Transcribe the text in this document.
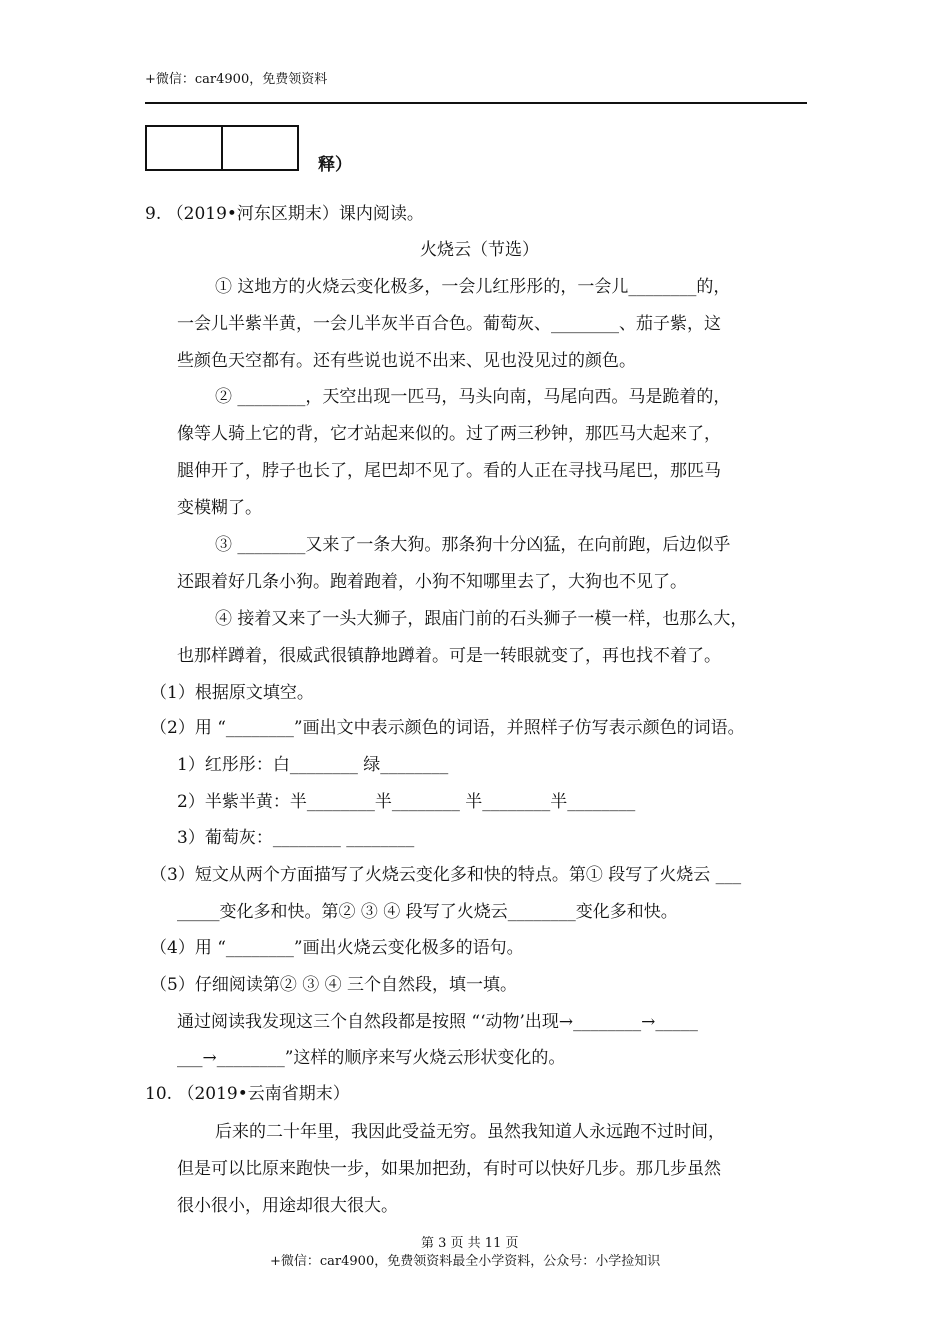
+微信：car4900，免费领资料
释）
9. （2019•河东区期末）课内阅读。
火烧云（节选）
① 这地方的火烧云变化极多，一会儿红彤彤的，一会儿________的，
一会儿半紫半黄，一会儿半灰半百合色。葡萄灰、________、茄子紫，这
些颜色天空都有。还有些说也说不出来、见也没见过的颜色。
② ________，天空出现一匹马，马头向南，马尾向西。马是跪着的，
像等人骑上它的背，它才站起来似的。过了两三秒钟，那匹马大起来了，
腿伸开了，脖子也长了，尾巴却不见了。看的人正在寻找马尾巴，那匹马
变模糊了。
③ ________又来了一条大狗。那条狗十分凶猛，在向前跑，后边似乎
还跟着好几条小狗。跑着跑着，小狗不知哪里去了，大狗也不见了。
④ 接着又来了一头大狮子，跟庙门前的石头狮子一模一样，也那么大，
也那样蹲着，很威武很镇静地蹲着。可是一转眼就变了，再也找不着了。
（1）根据原文填空。
（2）用 “________”画出文中表示颜色的词语，并照样子仿写表示颜色的词语。
1）红彤彤：白________ 绿________
2）半紫半黄：半________半________ 半________半________
3）葡萄灰：________ ________
（3）短文从两个方面描写了火烧云变化多和快的特点。第① 段写了火烧云 ___
_____变化多和快。第② ③ ④ 段写了火烧云________变化多和快。
（4）用 “________”画出火烧云变化极多的语句。
（5）仔细阅读第② ③ ④ 三个自然段，填一填。
通过阅读我发现这三个自然段都是按照 “‘动物’出现→________→_____
___→________”这样的顺序来写火烧云形状变化的。
10. （2019•云南省期末）
后来的二十年里，我因此受益无穷。虽然我知道人永远跑不过时间，
但是可以比原来跑快一步，如果加把劲，有时可以快好几步。那几步虽然
很小很小，用途却很大很大。
第 3 页 共 11 页
+微信：car4900，免费领资料最全小学资料，公众号：小学捡知识
